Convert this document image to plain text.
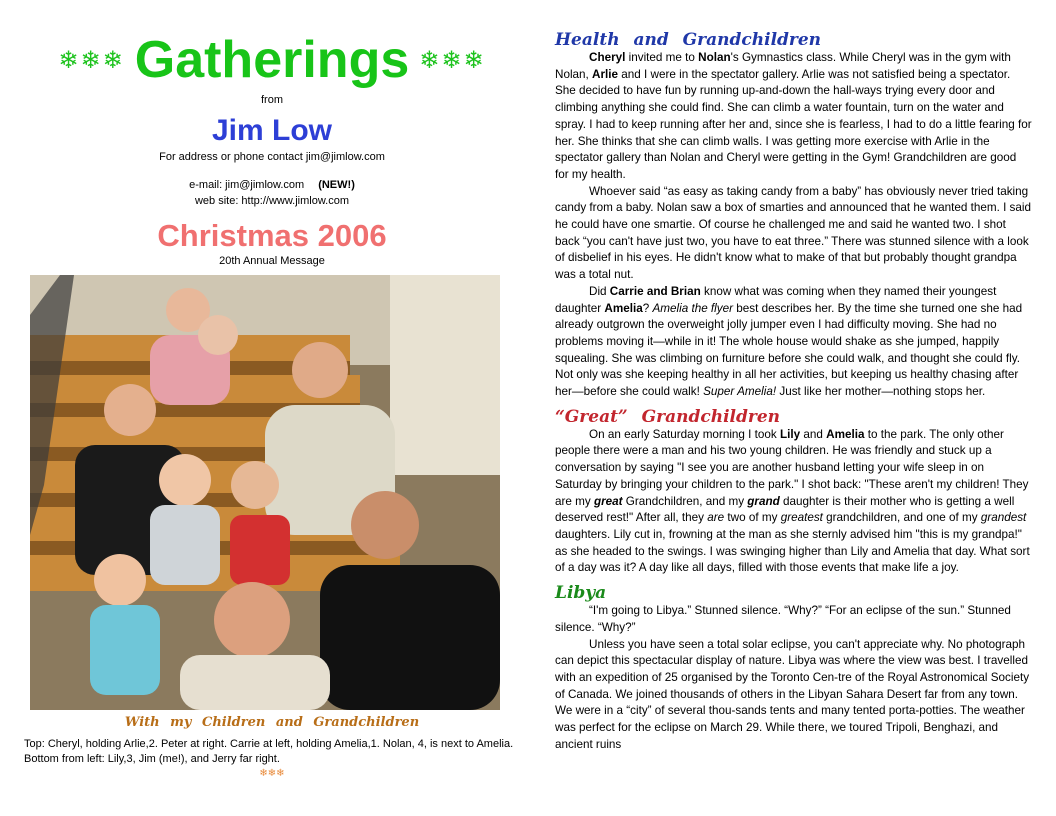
❄❄❄ Gatherings ❄❄❄
from
Jim Low
For address or phone contact jim@jimlow.com
e-mail: jim@jimlow.com (NEW!)
web site: http://www.jimlow.com
Christmas 2006
20th Annual Message
With my Children and Grandchildren
Top: Cheryl, holding Arlie,2. Peter at right. Carrie at left, holding Amelia,1. Nolan, 4, is next to Amelia. Bottom from left: Lily,3, Jim (me!), and Jerry far right.
❄❄❄
Health and Grandchildren

Cheryl invited me to Nolan's Gymnastics class. While Cheryl was in the gym with Nolan, Arlie and I were in the spectator gallery. Arlie was not satisfied being a spectator. She decided to have fun by running up-and-down the hall-ways trying every door and climbing anything she could find. She can climb a water fountain, turn on the water and spray. I had to keep running after her and, since she is fearless, I had to do a little fearing for her. She thinks that she can climb walls. I was getting more exercise with Arlie in the spectator gallery than Nolan and Cheryl were getting in the Gym! Grandchildren are good for my health.

Whoever said “as easy as taking candy from a baby” has obviously never tried taking candy from a baby. Nolan saw a box of smarties and announced that he wanted them. I said he could have one smartie. Of course he challenged me and said he wanted two. I shot back “you can't have just two, you have to eat three.” There was stunned silence with a look of disbelief in his eyes. He didn't know what to make of that but probably thought grandpa was a total nut.

Did Carrie and Brian know what was coming when they named their youngest daughter Amelia? Amelia the flyer best describes her. By the time she turned one she had already outgrown the overweight jolly jumper even I had difficulty moving. She had no problems moving it—while in it! The whole house would shake as she jumped, happily squealing. She was climbing on furniture before she could walk, and thought she could fly. Not only was she keeping healthy in all her activities, but keeping us healthy chasing after her—before she could walk! Super Amelia! Just like her mother—nothing stops her.

“Great” Grandchildren

On an early Saturday morning I took Lily and Amelia to the park. The only other people there were a man and his two young children. He was friendly and stuck up a conversation by saying "I see you are another husband letting your wife sleep in on Saturday by bringing your children to the park." I shot back: "These aren't my children! They are my great Grandchildren, and my grand daughter is their mother who is getting a well deserved rest!" After all, they are two of my greatest grandchildren, and one of my grandest daughters. Lily cut in, frowning at the man as she sternly advised him "this is my grandpa!" as she headed to the swings. I was swinging higher than Lily and Amelia that day. What sort of a day was it? A day like all days, filled with those events that make life a joy.

Libya

“I'm going to Libya.” Stunned silence. “Why?” “For an eclipse of the sun.” Stunned silence. “Why?”

Unless you have seen a total solar eclipse, you can't appreciate why. No photograph can depict this spectacular display of nature. Libya was where the view was best. I travelled with an expedition of 25 organised by the Toronto Cen-tre of the Royal Astronomical Society of Canada. We joined thousands of others in the Libyan Sahara Desert far from any town. We were in a “city” of several thou-sands tents and many tented porta-potties. The weather was perfect for the eclipse on March 29. While there, we toured Tripoli, Benghazi, and ancient ruins
